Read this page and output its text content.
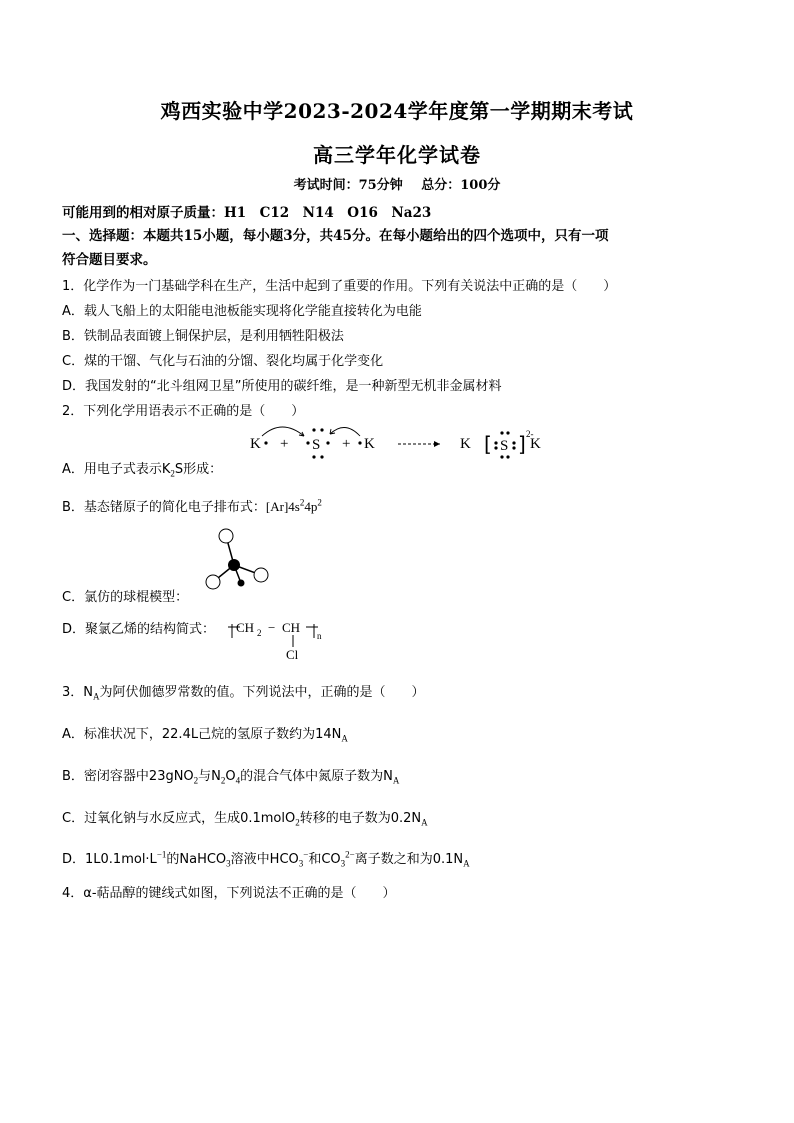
鸡西实验中学2023-2024学年度第一学期期末考试
高三学年化学试卷
考试时间：75分钟 总分：100分
可能用到的相对原子质量：H1　C12　N14　O16　Na23
一、选择题：本题共15小题，每小题3分，共45分。在每小题给出的四个选项中，只有一项
符合题目要求。
1．化学作为一门基础学科在生产，生活中起到了重要的作用。下列有关说法中正确的是（　　）
A．载人飞船上的太阳能电池板能实现将化学能直接转化为电能
B．铁制品表面镀上铜保护层，是利用牺牲阳极法
C．煤的干馏、气化与石油的分馏、裂化均属于化学变化
D．我国发射的“北斗组网卫星”所使用的碳纤维，是一种新型无机非金属材料
2．下列化学用语表示不正确的是（　　）
A．用电子式表示$K_2S$形成：
K + S + K	K [ S ] 2-
K
B．基态锗原子的简化电子排布式：$[Ar]4s^24p^2$
C．氯仿的球棍模型：
D．聚氯乙烯的结构简式： CH 2 − CH
n
Cl
3．$N_A$为阿伏伽德罗常数的值。下列说法中，正确的是（　　）
A．标准状况下，22.4L己烷的氢原子数约为$14N_A$
B．密闭容器中23gNO$_2$与$N_2O_4$的混合气体中氮原子数为$N_A$
C．过氧化钠与水反应式，生成0.1molO$_2$转移的电子数为$0.2N_A$
D．$1L0.1mol\cdot L^{-1}$的NaHCO$_3$溶液中$HCO_3^-$和$CO_3^{2-}$离子数之和为$0.1N_A$
4．α-萜品醇的键线式如图，下列说法不正确的是（　　）
